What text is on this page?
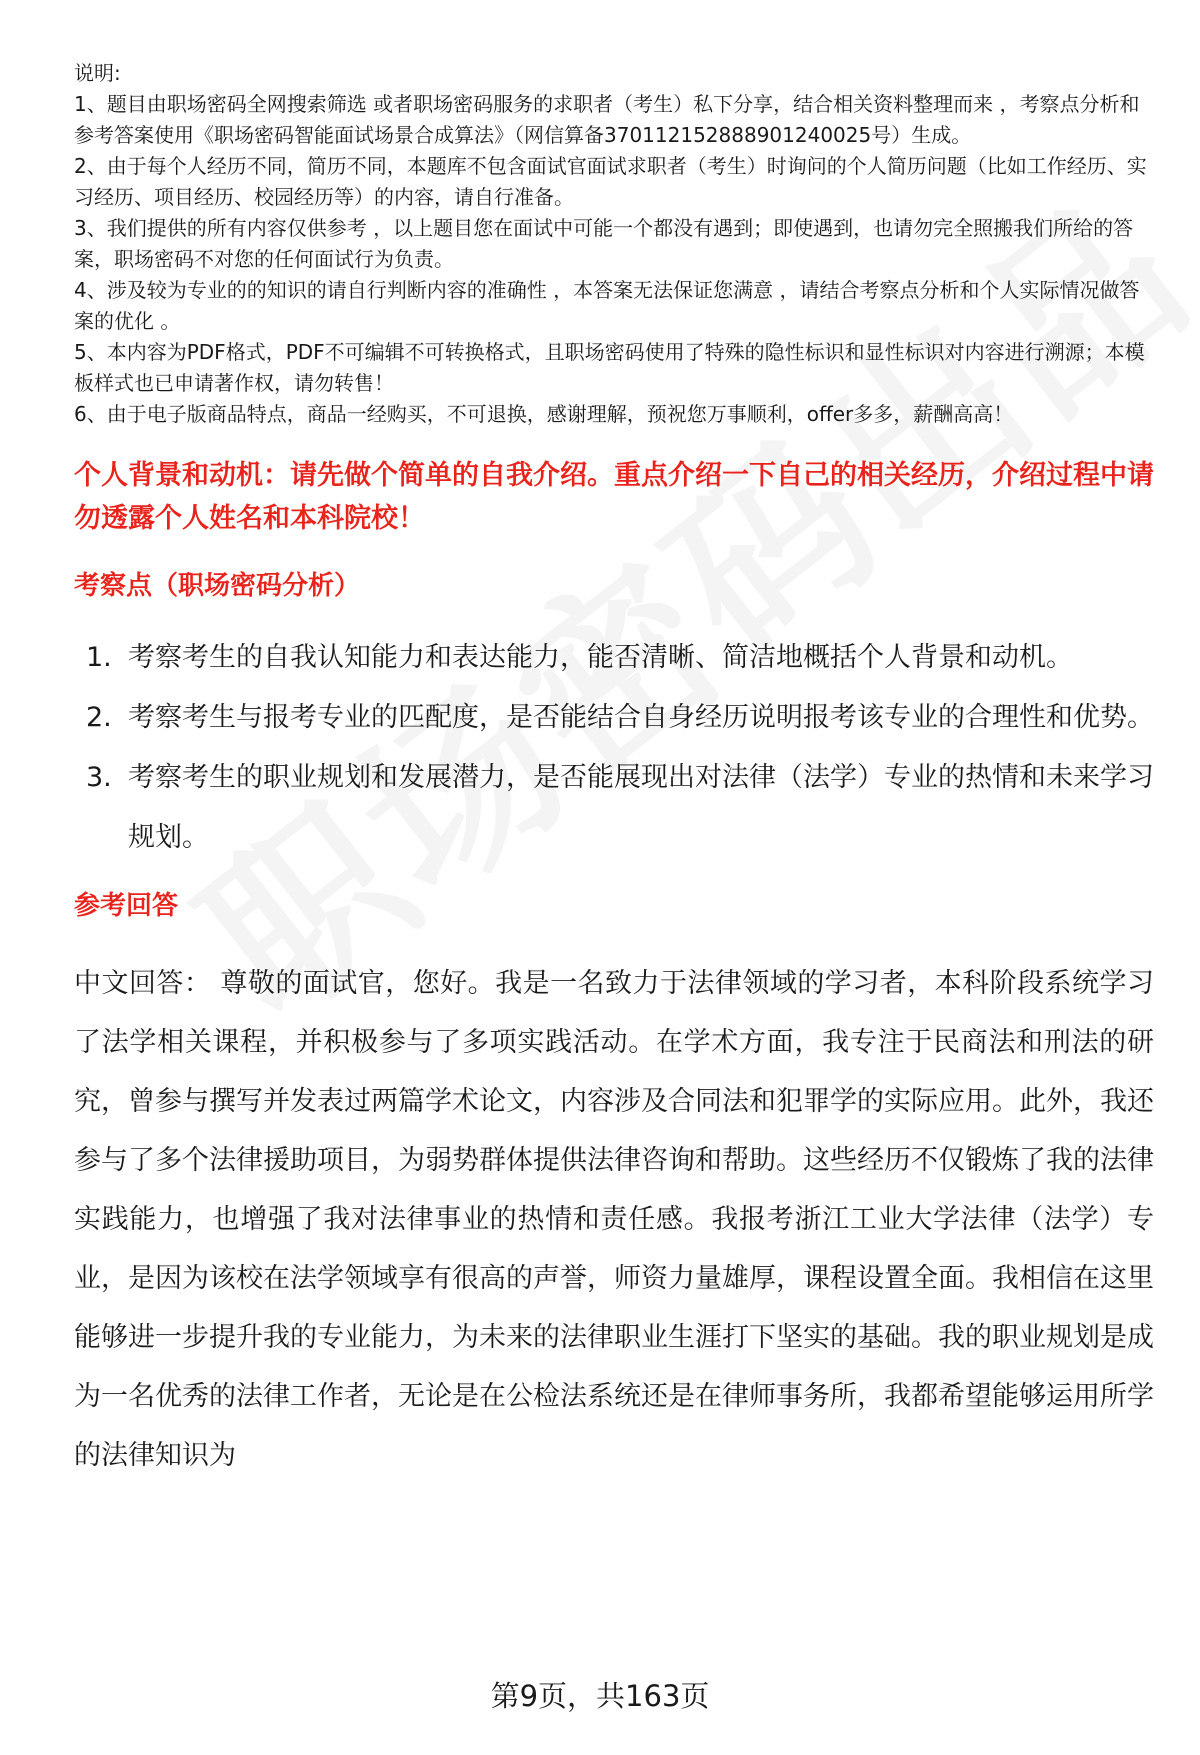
说明:

1、题目由职场密码全网搜索筛选 或者职场密码服务的求职者（考生）私下分享，结合相关资料整理而来 ，考察点分析和参考答案使用《职场密码智能面试场景合成算法》（网信算备370112152888901240025号）生成。

2、由于每个人经历不同，简历不同，本题库不包含面试官面试求职者（考生）时询问的个人简历问题（比如工作经历、实习经历、项目经历、校园经历等）的内容，请自行准备。

3、我们提供的所有内容仅供参考 ，以上题目您在面试中可能一个都没有遇到；即使遇到，也请勿完全照搬我们所给的答案，职场密码不对您的任何面试行为负责。

4、涉及较为专业的的知识的请自行判断内容的准确性 ，本答案无法保证您满意 ，请结合考察点分析和个人实际情况做答案的优化 。

5、本内容为PDF格式，PDF不可编辑不可转换格式，且职场密码使用了特殊的隐性标识和显性标识对内容进行溯源；本模板样式也已申请著作权，请勿转售！

6、由于电子版商品特点，商品一经购买，不可退换，感谢理解，预祝您万事顺利，offer多多，薪酬高高！

个人背景和动机：请先做个简单的自我介绍。重点介绍一下自己的相关经历，介绍过程中请勿透露个人姓名和本科院校！
考察点（职场密码分析）
1. 考察考生的自我认知能力和表达能力，能否清晰、简洁地概括个人背景和动机。
2. 考察考生与报考专业的匹配度，是否能结合自身经历说明报考该专业的合理性和优势。
3. 考察考生的职业规划和发展潜力，是否能展现出对法律（法学）专业的热情和未来学习规划。
参考回答
中文回答： 尊敬的面试官，您好。我是一名致力于法律领域的学习者，本科阶段系统学习了法学相关课程，并积极参与了多项实践活动。在学术方面，我专注于民商法和刑法的研究，曾参与撰写并发表过两篇学术论文，内容涉及合同法和犯罪学的实际应用。此外，我还参与了多个法律援助项目，为弱势群体提供法律咨询和帮助。这些经历不仅锻炼了我的法律实践能力，也增强了我对法律事业的热情和责任感。我报考浙江工业大学法律（法学）专业，是因为该校在法学领域享有很高的声誉，师资力量雄厚，课程设置全面。我相信在这里能够进一步提升我的专业能力，为未来的法律职业生涯打下坚实的基础。我的职业规划是成为一名优秀的法律工作者，无论是在公检法系统还是在律师事务所，我都希望能够运用所学的法律知识为
第9页，共163页
